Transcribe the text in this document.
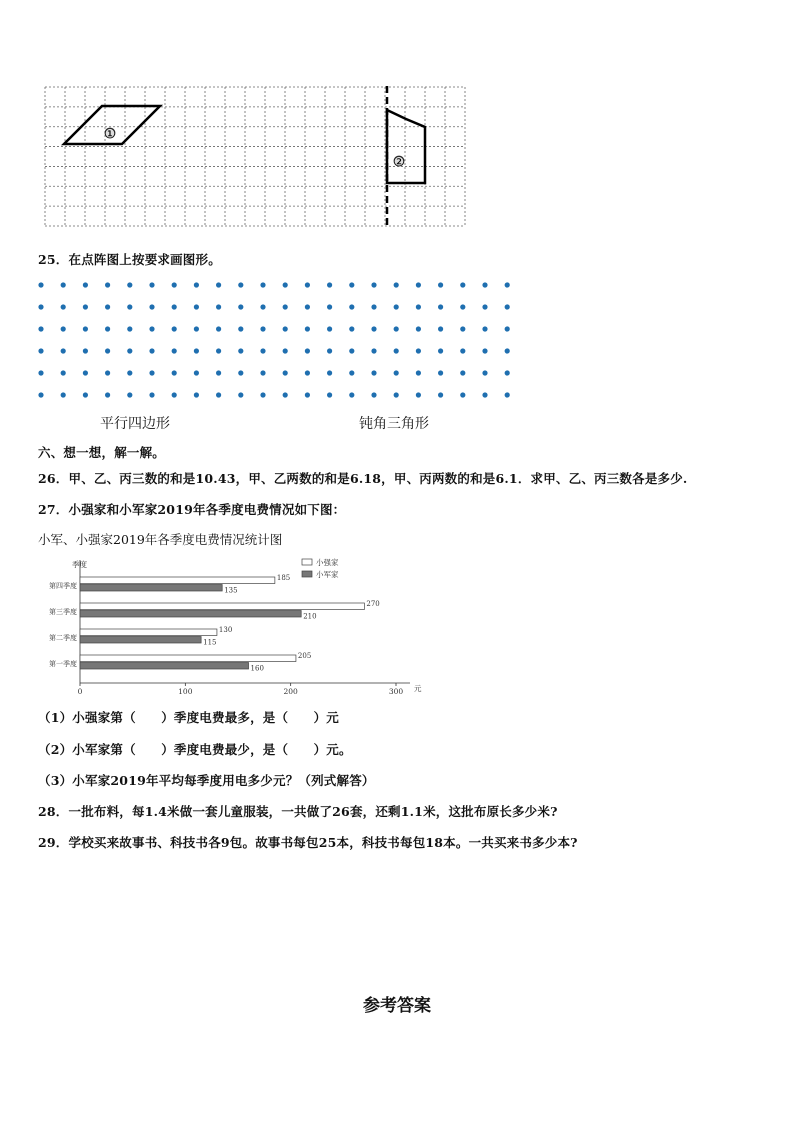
①
②
25．在点阵图上按要求画图形。
平行四边形	钝角三角形
六、想一想，解一解。
26．甲、乙、丙三数的和是10.43，甲、乙两数的和是6.18，甲、丙两数的和是6.1．求甲、乙、丙三数各是多少.
27．小强家和小军家2019年各季度电费情况如下图：
小军、小强家2019年各季度电费情况统计图
季度
0	100	200	300 元
小强家
小军家
第四季度
185
135
第三季度
270
210
第二季度
130
115
第一季度
205
160
（1）小强家第（　　）季度电费最多，是（　　）元
（2）小军家第（　　）季度电费最少，是（　　）元。
（3）小军家2019年平均每季度用电多少元？（列式解答）
28．一批布料，每1.4米做一套儿童服装，一共做了26套，还剩1.1米，这批布原长多少米?
29．学校买来故事书、科技书各9包。故事书每包25本，科技书每包18本。一共买来书多少本?
参考答案
